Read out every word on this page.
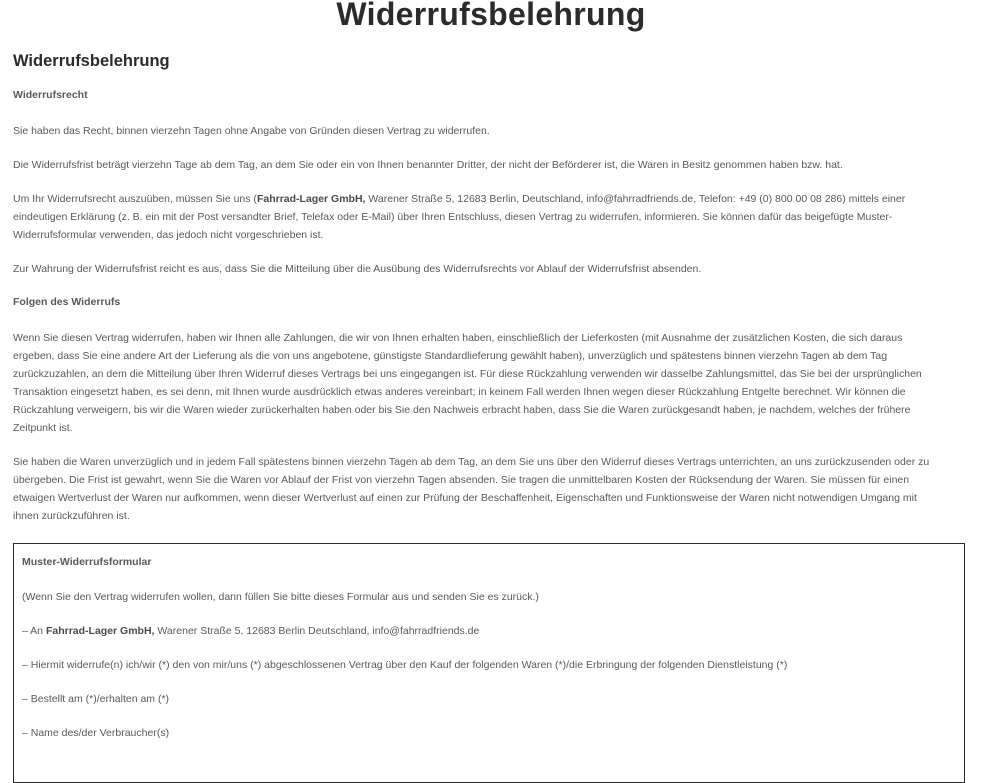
Widerrufsbelehrung
Widerrufsbelehrung

Widerrufsrecht

Sie haben das Recht, binnen vierzehn Tagen ohne Angabe von Gründen diesen Vertrag zu widerrufen.

Die Widerrufsfrist beträgt vierzehn Tage ab dem Tag, an dem Sie oder ein von Ihnen benannter Dritter, der nicht der Beförderer ist, die Waren in Besitz genommen haben bzw. hat.

Um Ihr Widerrufsrecht auszuüben, müssen Sie uns (Fahrrad-Lager GmbH, Warener Straße 5, 12683 Berlin, Deutschland, info@fahrradfriends.de, Telefon: +49 (0) 800 00 08 286) mittels einer
eindeutigen Erklärung (z. B. ein mit der Post versandter Brief, Telefax oder E-Mail) über Ihren Entschluss, diesen Vertrag zu widerrufen, informieren. Sie können dafür das beigefügte Muster-
Widerrufsformular verwenden, das jedoch nicht vorgeschrieben ist.

Zur Wahrung der Widerrufsfrist reicht es aus, dass Sie die Mitteilung über die Ausübung des Widerrufsrechts vor Ablauf der Widerrufsfrist absenden.

Folgen des Widerrufs

Wenn Sie diesen Vertrag widerrufen, haben wir Ihnen alle Zahlungen, die wir von Ihnen erhalten haben, einschließlich der Lieferkosten (mit Ausnahme der zusätzlichen Kosten, die sich daraus
ergeben, dass Sie eine andere Art der Lieferung als die von uns angebotene, günstigste Standardlieferung gewählt haben), unverzüglich und spätestens binnen vierzehn Tagen ab dem Tag
zurückzuzahlen, an dem die Mitteilung über Ihren Widerruf dieses Vertrags bei uns eingegangen ist. Für diese Rückzahlung verwenden wir dasselbe Zahlungsmittel, das Sie bei der ursprünglichen
Transaktion eingesetzt haben, es sei denn, mit Ihnen wurde ausdrücklich etwas anderes vereinbart; in keinem Fall werden Ihnen wegen dieser Rückzahlung Entgelte berechnet. Wir können die
Rückzahlung verweigern, bis wir die Waren wieder zurückerhalten haben oder bis Sie den Nachweis erbracht haben, dass Sie die Waren zurückgesandt haben, je nachdem, welches der frühere
Zeitpunkt ist.

Sie haben die Waren unverzüglich und in jedem Fall spätestens binnen vierzehn Tagen ab dem Tag, an dem Sie uns über den Widerruf dieses Vertrags unterrichten, an uns zurückzusenden oder zu
übergeben. Die Frist ist gewahrt, wenn Sie die Waren vor Ablauf der Frist von vierzehn Tagen absenden. Sie tragen die unmittelbaren Kosten der Rücksendung der Waren. Sie müssen für einen
etwaigen Wertverlust der Waren nur aufkommen, wenn dieser Wertverlust auf einen zur Prüfung der Beschaffenheit, Eigenschaften und Funktionsweise der Waren nicht notwendigen Umgang mit
ihnen zurückzuführen ist.

Muster-Widerrufsformular
(Wenn Sie den Vertrag widerrufen wollen, dann füllen Sie bitte dieses Formular aus und senden Sie es zurück.)
– An Fahrrad-Lager GmbH, Warener Straße 5, 12683 Berlin Deutschland, info@fahrradfriends.de
– Hiermit widerrufe(n) ich/wir (*) den von mir/uns (*) abgeschlossenen Vertrag über den Kauf der folgenden Waren (*)/die Erbringung der folgenden Dienstleistung (*)
– Bestellt am (*)/erhalten am (*)
– Name des/der Verbraucher(s)
